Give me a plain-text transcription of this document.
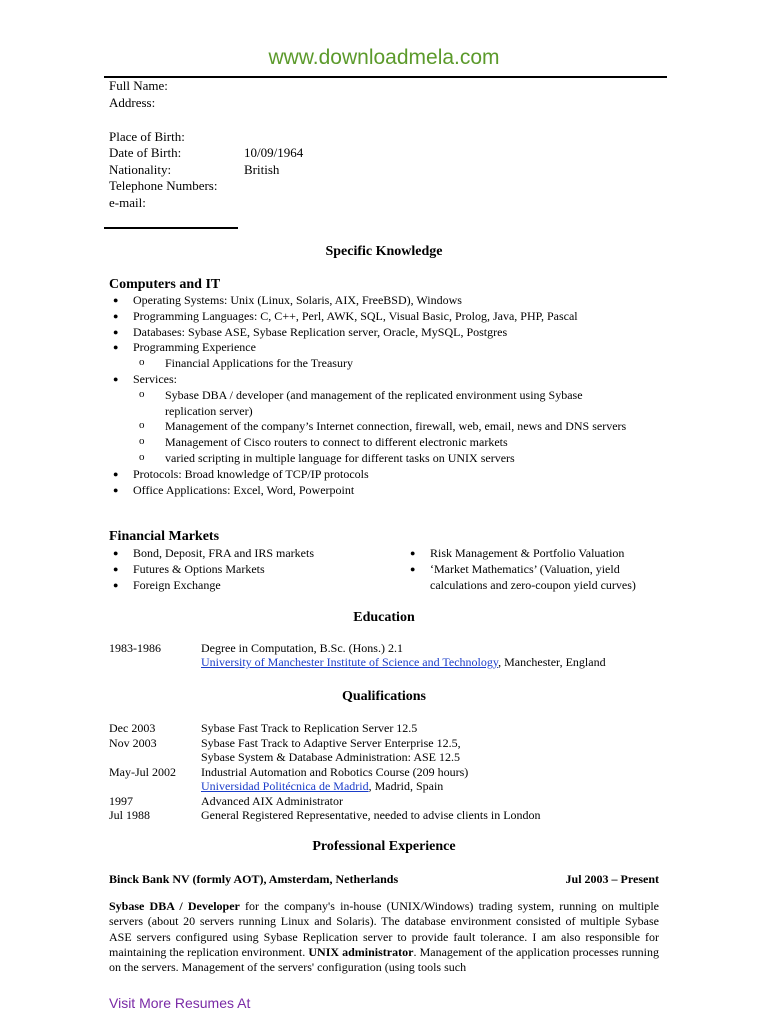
www.downloadmela.com
Full Name:
Address:
Place of Birth:
Date of Birth:	10/09/1964
Nationality:	British
Telephone Numbers:
e-mail:
Specific Knowledge
Computers and IT
● Operating Systems: Unix (Linux, Solaris, AIX, FreeBSD), Windows
● Programming Languages: C, C++, Perl, AWK, SQL, Visual Basic, Prolog, Java, PHP, Pascal
● Databases: Sybase ASE, Sybase Replication server, Oracle, MySQL, Postgres
● Programming Experience
o Financial Applications for the Treasury
● Services:
o Sybase DBA / developer (and management of the replicated environment using Sybase replication server)
o Management of the company’s Internet connection, firewall, web, email, news and DNS servers
o Management of Cisco routers to connect to different electronic markets
o varied scripting in multiple language for different tasks on UNIX servers
● Protocols: Broad knowledge of TCP/IP protocols
● Office Applications: Excel, Word, Powerpoint
Financial Markets
● Bond, Deposit, FRA and IRS markets
● Futures & Options Markets
● Foreign Exchange
● Risk Management & Portfolio Valuation
● ‘Market Mathematics’ (Valuation, yield calculations and zero-coupon yield curves)
Education
1983-1986	Degree in Computation, B.Sc. (Hons.) 2.1
University of Manchester Institute of Science and Technology, Manchester, England
Qualifications
Dec 2003	Sybase Fast Track to Replication Server 12.5
Nov 2003	Sybase Fast Track to Adaptive Server Enterprise 12.5,
Sybase System & Database Administration: ASE 12.5
May-Jul 2002 Industrial Automation and Robotics Course (209 hours)
Universidad Politécnica de Madrid, Madrid, Spain
1997	Advanced AIX Administrator
Jul 1988	General Registered Representative, needed to advise clients in London
Professional Experience
Binck Bank NV (formly AOT), Amsterdam, Netherlands	Jul 2003 – Present
Sybase DBA / Developer for the company's in-house (UNIX/Windows) trading system, running on multiple servers (about 20 servers running Linux and Solaris). The database environment consisted of multiple Sybase ASE servers configured using Sybase Replication server to provide fault tolerance. I am also responsible for maintaining the replication environment. UNIX administrator. Management of the application processes running on the servers. Management of the servers' configuration (using tools such
Visit More Resumes At
